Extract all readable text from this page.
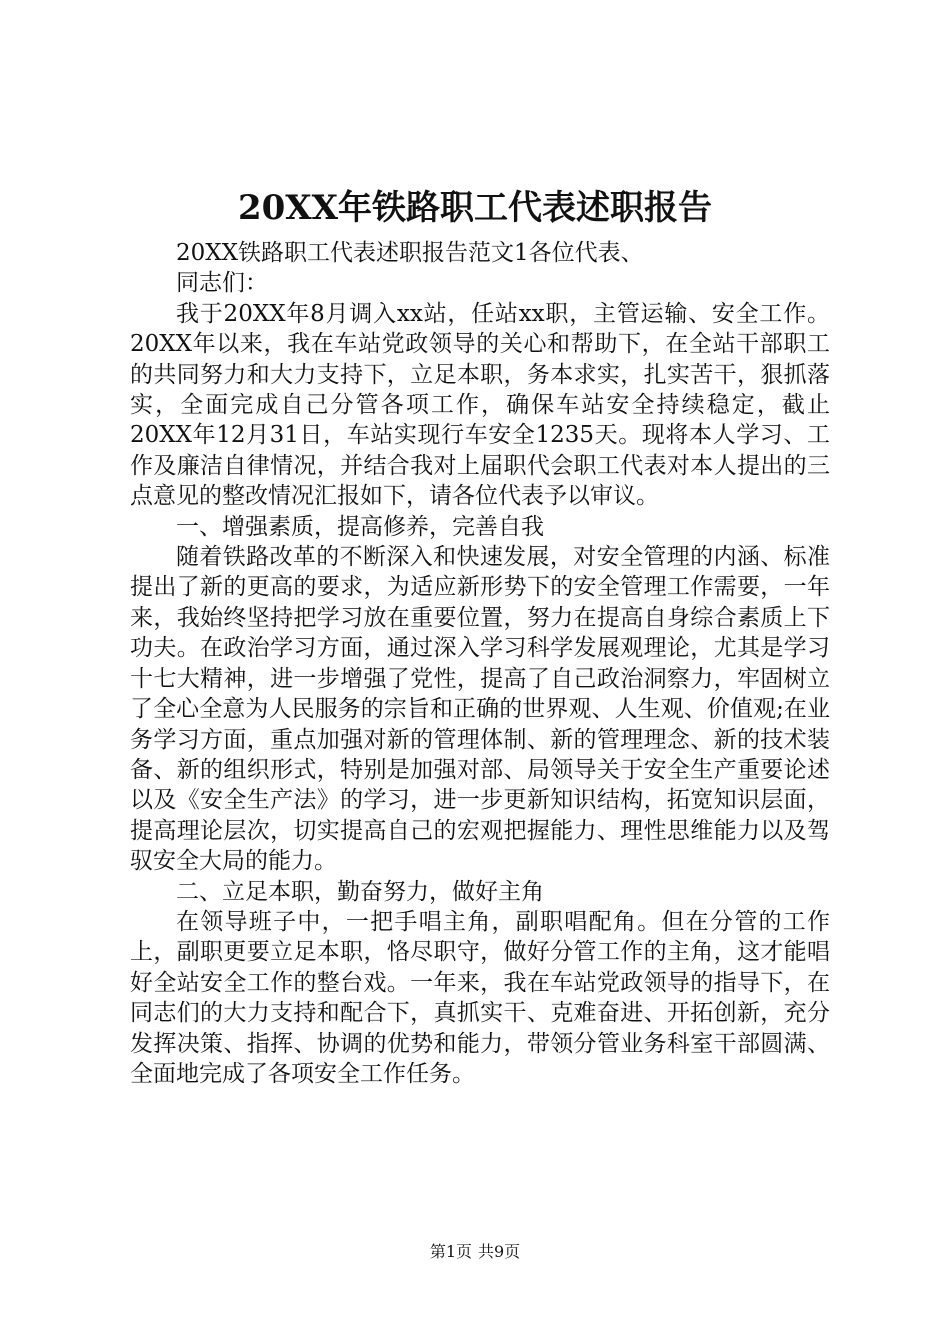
20XX年铁路职工代表述职报告

20XX铁路职工代表述职报告范文1各位代表、

同志们：

我于20XX年8月调入xx站，任站xx职，主管运输、安全工作。20XX年以来，我在车站党政领导的关心和帮助下，在全站干部职工的共同努力和大力支持下，立足本职，务本求实，扎实苦干，狠抓落实，全面完成自己分管各项工作，确保车站安全持续稳定，截止20XX年12月31日，车站实现行车安全1235天。现将本人学习、工作及廉洁自律情况，并结合我对上届职代会职工代表对本人提出的三点意见的整改情况汇报如下，请各位代表予以审议。

一、增强素质，提高修养，完善自我

随着铁路改革的不断深入和快速发展，对安全管理的内涵、标准提出了新的更高的要求，为适应新形势下的安全管理工作需要，一年来，我始终坚持把学习放在重要位置，努力在提高自身综合素质上下功夫。在政治学习方面，通过深入学习科学发展观理论，尤其是学习十七大精神，进一步增强了党性，提高了自己政治洞察力，牢固树立了全心全意为人民服务的宗旨和正确的世界观、人生观、价值观;在业务学习方面，重点加强对新的管理体制、新的管理理念、新的技术装备、新的组织形式，特别是加强对部、局领导关于安全生产重要论述以及《安全生产法》的学习，进一步更新知识结构，拓宽知识层面，提高理论层次，切实提高自己的宏观把握能力、理性思维能力以及驾驭安全大局的能力。

二、立足本职，勤奋努力，做好主角

在领导班子中，一把手唱主角，副职唱配角。但在分管的工作上，副职更要立足本职，恪尽职守，做好分管工作的主角，这才能唱好全站安全工作的整台戏。一年来，我在车站党政领导的指导下，在同志们的大力支持和配合下，真抓实干、克难奋进、开拓创新，充分发挥决策、指挥、协调的优势和能力，带领分管业务科室干部圆满、全面地完成了各项安全工作任务。

第1页 共9页
